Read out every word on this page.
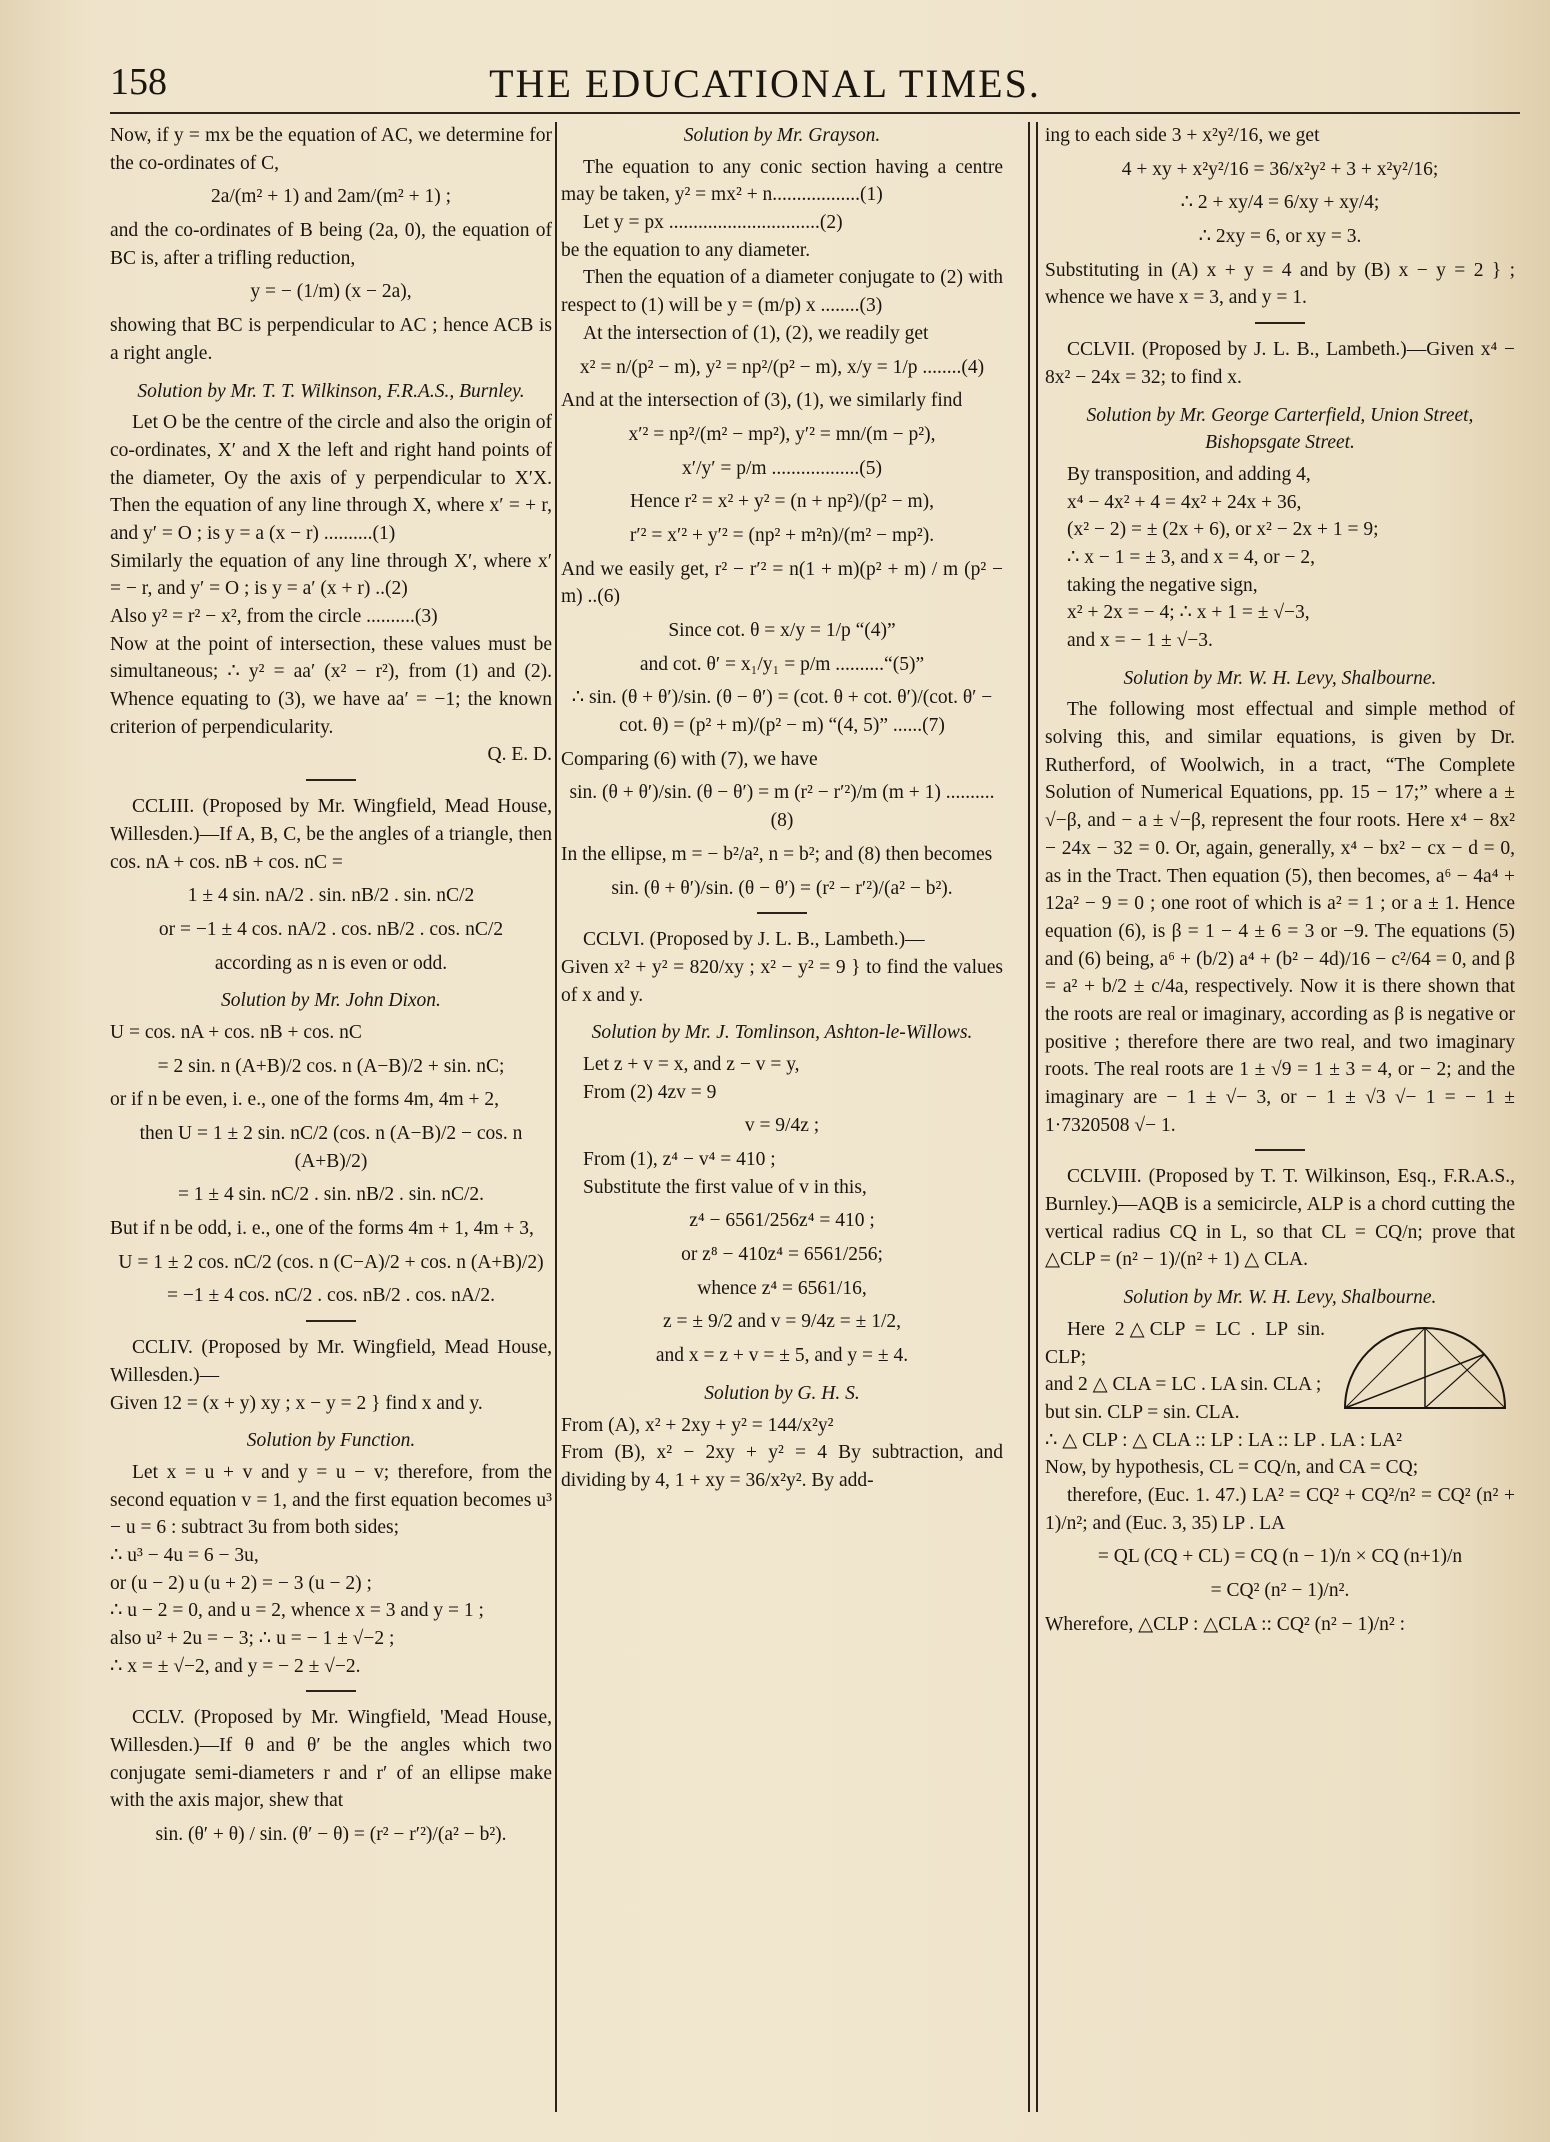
158	THE EDUCATIONAL TIMES.

Now, if y = mx be the equation of AC, we determine for the co-ordinates of C,

2a/(m² + 1) and 2am/(m² + 1) ;

and the co-ordinates of B being (2a, 0), the equation of BC is, after a trifling reduction,

y = − (1/m) (x − 2a),

showing that BC is perpendicular to AC ; hence ACB is a right angle.

Solution by Mr. T. T. Wilkinson, F.R.A.S., Burnley.

Let O be the centre of the circle and also the origin of co-ordinates, X′ and X the left and right hand points of the diameter, Oy the axis of y perpendicular to X′X. Then the equation of any line through X, where x′ = + r, and y′ = O ; is y = a (x − r) ..........(1)

Similarly the equation of any line through X′, where x′ = − r, and y′ = O ; is y = a′ (x + r) ..(2)

Also y² = r² − x², from the circle ..........(3)

Now at the point of intersection, these values must be simultaneous; ∴ y² = aa′ (x² − r²), from (1) and (2). Whence equating to (3), we have aa′ = −1; the known criterion of perpendicularity.

Q. E. D.

CCLIII. (Proposed by Mr. Wingfield, Mead House, Willesden.)—If A, B, C, be the angles of a triangle, then cos. nA + cos. nB + cos. nC =

1 ± 4 sin. nA/2 . sin. nB/2 . sin. nC/2

or = −1 ± 4 cos. nA/2 . cos. nB/2 . cos. nC/2

according as n is even or odd.

Solution by Mr. John Dixon.

U = cos. nA + cos. nB + cos. nC

= 2 sin. n (A+B)/2 cos. n (A−B)/2 + sin. nC;

or if n be even, i. e., one of the forms 4m, 4m + 2,

then U = 1 ± 2 sin. nC/2 (cos. n (A−B)/2 − cos. n (A+B)/2)

= 1 ± 4 sin. nC/2 . sin. nB/2 . sin. nC/2.

But if n be odd, i. e., one of the forms 4m + 1, 4m + 3,

U = 1 ± 2 cos. nC/2 (cos. n (C−A)/2 + cos. n (A+B)/2)

= −1 ± 4 cos. nC/2 . cos. nB/2 . cos. nA/2.

CCLIV. (Proposed by Mr. Wingfield, Mead House, Willesden.)—

Given 12 = (x + y) xy ; x − y = 2 } find x and y.

Solution by Function.

Let x = u + v and y = u − v; therefore, from the second equation v = 1, and the first equation becomes u³ − u = 6 : subtract 3u from both sides;

∴ u³ − 4u = 6 − 3u,

or (u − 2) u (u + 2) = − 3 (u − 2) ;

∴ u − 2 = 0, and u = 2, whence x = 3 and y = 1 ;

also u² + 2u = − 3; ∴ u = − 1 ± √−2 ;

∴ x = ± √−2, and y = − 2 ± √−2.

CCLV. (Proposed by Mr. Wingfield, 'Mead House, Willesden.)—If θ and θ′ be the angles which two conjugate semi-diameters r and r′ of an ellipse make with the axis major, shew that

sin. (θ′ + θ) / sin. (θ′ − θ) = (r² − r′²)/(a² − b²).

Solution by Mr. Grayson.

The equation to any conic section having a centre may be taken, y² = mx² + n..................(1)

Let y = px ...............................(2)

be the equation to any diameter.

Then the equation of a diameter conjugate to (2) with respect to (1) will be y = (m/p) x ........(3)

At the intersection of (1), (2), we readily get

x² = n/(p² − m), y² = np²/(p² − m), x/y = 1/p ........(4)

And at the intersection of (3), (1), we similarly find

x′² = np²/(m² − mp²), y′² = mn/(m − p²),

x′/y′ = p/m ..................(5)

Hence r² = x² + y² = (n + np²)/(p² − m),

r′² = x′² + y′² = (np² + m²n)/(m² − mp²).

And we easily get, r² − r′² = n(1 + m)(p² + m) / m (p² − m) ..(6)

Since cot. θ = x/y = 1/p “(4)”

and cot. θ′ = x₁/y₁ = p/m ..........“(5)”

∴ sin. (θ + θ′)/sin. (θ − θ′) = (cot. θ + cot. θ′)/(cot. θ′ − cot. θ) = (p² + m)/(p² − m) “(4, 5)” ......(7)

Comparing (6) with (7), we have

sin. (θ + θ′)/sin. (θ − θ′) = m (r² − r′²)/m (m + 1) ..........(8)

In the ellipse, m = − b²/a², n = b²; and (8) then becomes

sin. (θ + θ′)/sin. (θ − θ′) = (r² − r′²)/(a² − b²).

CCLVI. (Proposed by J. L. B., Lambeth.)—

Given x² + y² = 820/xy ; x² − y² = 9 } to find the values of x and y.

Solution by Mr. J. Tomlinson, Ashton-le-Willows.

Let z + v = x, and z − v = y,

From (2) 4zv = 9

v = 9/4z ;

From (1), z⁴ − v⁴ = 410 ;

Substitute the first value of v in this,

z⁴ − 6561/256z⁴ = 410 ;

or z⁸ − 410z⁴ = 6561/256;

whence z⁴ = 6561/16,

z = ± 9/2 and v = 9/4z = ± 1/2,

and x = z + v = ± 5, and y = ± 4.

Solution by G. H. S.

From (A), x² + 2xy + y² = 144/x²y²

From (B), x² − 2xy + y² = 4 By subtraction, and dividing by 4, 1 + xy = 36/x²y². By add-

ing to each side 3 + x²y²/16, we get

4 + xy + x²y²/16 = 36/x²y² + 3 + x²y²/16;

∴ 2 + xy/4 = 6/xy + xy/4;

∴ 2xy = 6, or xy = 3.

Substituting in (A) x + y = 4 and by (B) x − y = 2 } ; whence we have x = 3, and y = 1.

CCLVII. (Proposed by J. L. B., Lambeth.)—Given x⁴ − 8x² − 24x = 32; to find x.

Solution by Mr. George Carterfield, Union Street, Bishopsgate Street.

By transposition, and adding 4,

x⁴ − 4x² + 4 = 4x² + 24x + 36,

(x² − 2) = ± (2x + 6), or x² − 2x + 1 = 9;

∴ x − 1 = ± 3, and x = 4, or − 2,

taking the negative sign,

x² + 2x = − 4; ∴ x + 1 = ± √−3,

and x = − 1 ± √−3.

Solution by Mr. W. H. Levy, Shalbourne.

The following most effectual and simple method of solving this, and similar equations, is given by Dr. Rutherford, of Woolwich, in a tract, “The Complete Solution of Numerical Equations, pp. 15 − 17;” where a ± √−β, and − a ± √−β, represent the four roots. Here x⁴ − 8x² − 24x − 32 = 0. Or, again, generally, x⁴ − bx² − cx − d = 0, as in the Tract. Then equation (5), then becomes, a⁶ − 4a⁴ + 12a² − 9 = 0 ; one root of which is a² = 1 ; or a ± 1. Hence equation (6), is β = 1 − 4 ± 6 = 3 or −9. The equations (5) and (6) being, a⁶ + (b/2) a⁴ + (b² − 4d)/16 − c²/64 = 0, and β = a² + b/2 ± c/4a, respectively. Now it is there shown that the roots are real or imaginary, according as β is negative or positive ; therefore there are two real, and two imaginary roots. The real roots are 1 ± √9 = 1 ± 3 = 4, or − 2; and the imaginary are − 1 ± √− 3, or − 1 ± √3 √− 1 = − 1 ± 1·7320508 √− 1.

CCLVIII. (Proposed by T. T. Wilkinson, Esq., F.R.A.S., Burnley.)—AQB is a semicircle, ALP is a chord cutting the vertical radius CQ in L, so that CL = CQ/n; prove that △CLP = (n² − 1)/(n² + 1) △ CLA.

Solution by Mr. W. H. Levy, Shalbourne.

Here 2△CLP = LC . LP sin. CLP;

and 2 △ CLA = LC . LA sin. CLA ;

but sin. CLP = sin. CLA.

∴ △ CLP : △ CLA :: LP : LA :: LP . LA : LA²

Now, by hypothesis, CL = CQ/n, and CA = CQ;

therefore, (Euc. 1. 47.) LA² = CQ² + CQ²/n² = CQ² (n² + 1)/n²; and (Euc. 3, 35) LP . LA

= QL (CQ + CL) = CQ (n − 1)/n × CQ (n+1)/n

= CQ² (n² − 1)/n².

Wherefore, △CLP : △CLA :: CQ² (n² − 1)/n² :
